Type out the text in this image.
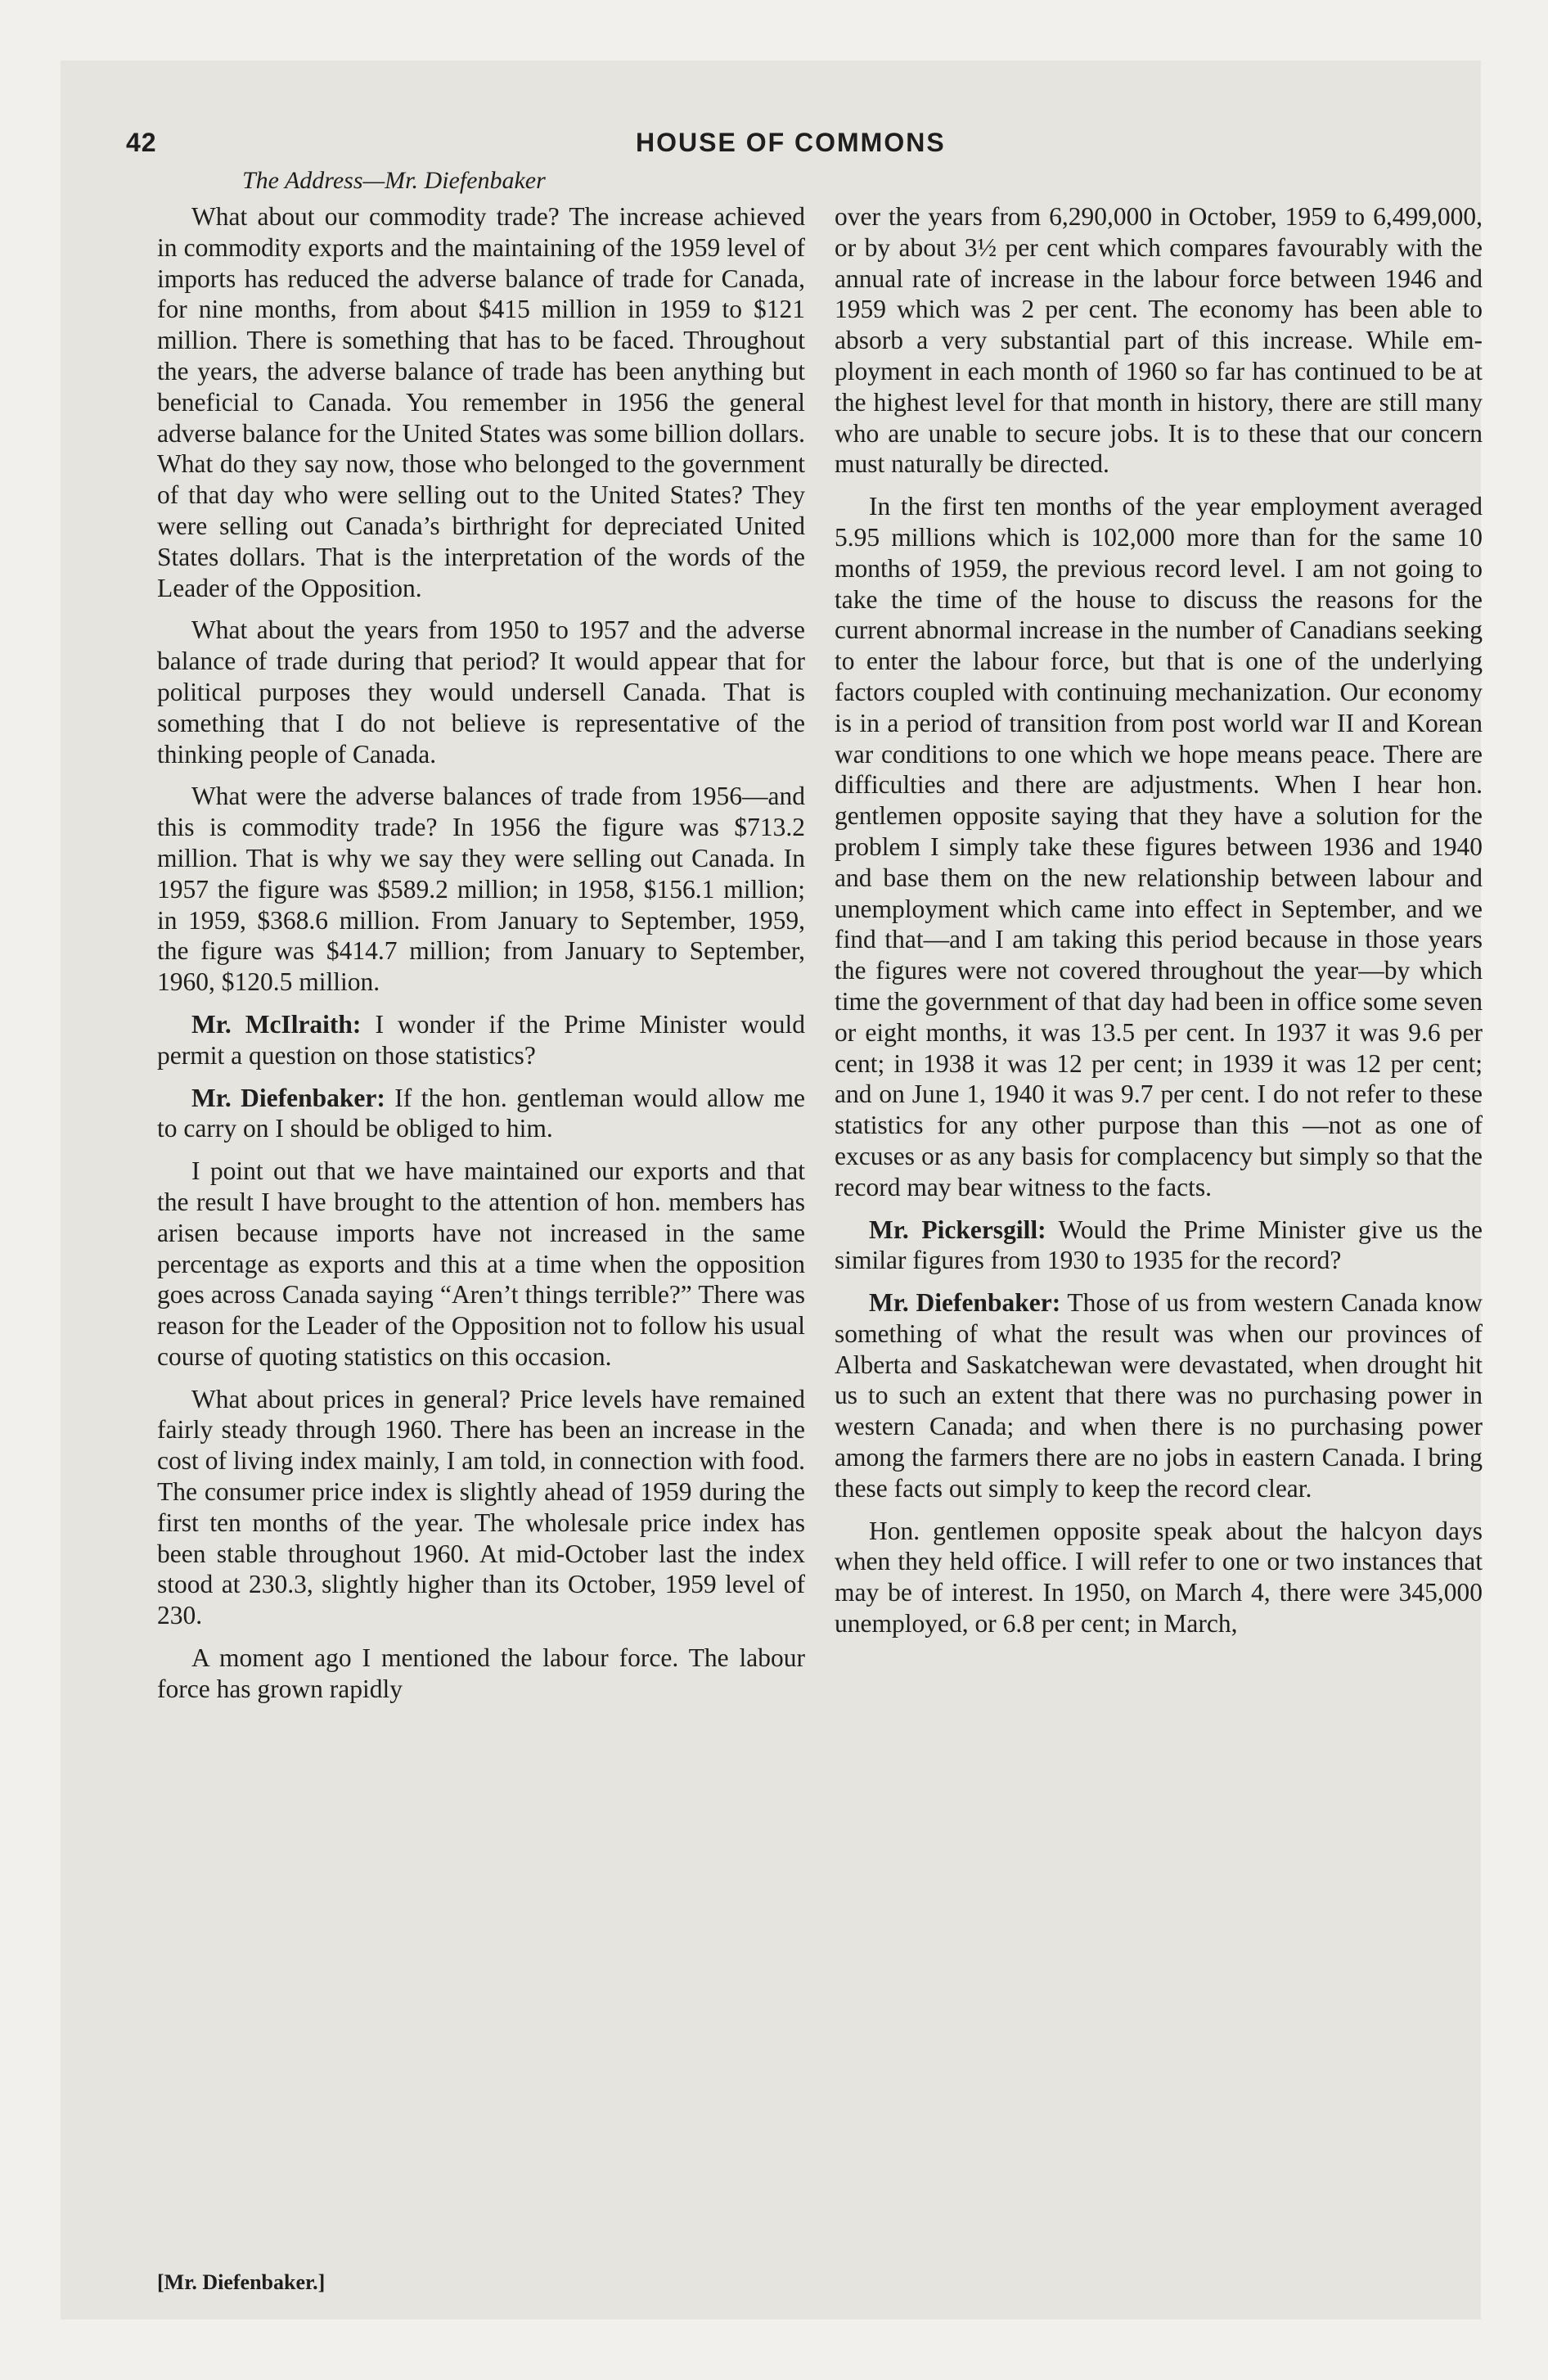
42	HOUSE OF COMMONS
The Address—Mr. Diefenbaker

What about our commodity trade? The increase achieved in commodity exports and the maintaining of the 1959 level of imports has reduced the adverse balance of trade for Canada, for nine months, from about $415 million in 1959 to $121 million. There is something that has to be faced. Throughout the years, the adverse balance of trade has been anything but beneficial to Canada. You remember in 1956 the general adverse balance for the United States was some billion dollars. What do they say now, those who belonged to the government of that day who were selling out to the United States? They were selling out Canada’s birthright for depreciated United States dollars. That is the interpretation of the words of the Leader of the Opposition.

What about the years from 1950 to 1957 and the adverse balance of trade during that period? It would appear that for political purposes they would undersell Canada. That is something that I do not believe is representative of the thinking people of Canada.

What were the adverse balances of trade from 1956—and this is commodity trade? In 1956 the figure was $713.2 million. That is why we say they were selling out Canada. In 1957 the figure was $589.2 million; in 1958, $156.1 million; in 1959, $368.6 million. From January to September, 1959, the figure was $414.7 million; from January to September, 1960, $120.5 million.

Mr. McIlraith: I wonder if the Prime Minister would permit a question on those statistics?

Mr. Diefenbaker: If the hon. gentleman would allow me to carry on I should be obliged to him.

I point out that we have maintained our exports and that the result I have brought to the attention of hon. members has arisen because imports have not increased in the same percentage as exports and this at a time when the opposition goes across Canada saying “Aren’t things terrible?” There was reason for the Leader of the Opposition not to follow his usual course of quoting statistics on this occasion.

What about prices in general? Price levels have remained fairly steady through 1960. There has been an increase in the cost of living index mainly, I am told, in connection with food. The consumer price index is slightly ahead of 1959 during the first ten months of the year. The wholesale price index has been stable throughout 1960. At mid-October last the index stood at 230.3, slightly higher than its October, 1959 level of 230.

A moment ago I mentioned the labour force. The labour force has grown rapidly

over the years from 6,290,000 in October, 1959 to 6,499,000, or by about 3½ per cent which compares favourably with the annual rate of increase in the labour force between 1946 and 1959 which was 2 per cent. The economy has been able to absorb a very substantial part of this increase. While employment in each month of 1960 so far has continued to be at the highest level for that month in history, there are still many who are unable to secure jobs. It is to these that our concern must naturally be directed.

In the first ten months of the year employment averaged 5.95 millions which is 102,000 more than for the same 10 months of 1959, the previous record level. I am not going to take the time of the house to discuss the reasons for the current abnormal increase in the number of Canadians seeking to enter the labour force, but that is one of the underlying factors coupled with continuing mechanization. Our economy is in a period of transition from post world war II and Korean war conditions to one which we hope means peace. There are difficulties and there are adjustments. When I hear hon. gentlemen opposite saying that they have a solution for the problem I simply take these figures between 1936 and 1940 and base them on the new relationship between labour and unemployment which came into effect in September, and we find that—and I am taking this period because in those years the figures were not covered throughout the year—by which time the government of that day had been in office some seven or eight months, it was 13.5 per cent. In 1937 it was 9.6 per cent; in 1938 it was 12 per cent; in 1939 it was 12 per cent; and on June 1, 1940 it was 9.7 per cent. I do not refer to these statistics for any other purpose than this —not as one of excuses or as any basis for complacency but simply so that the record may bear witness to the facts.

Mr. Pickersgill: Would the Prime Minister give us the similar figures from 1930 to 1935 for the record?

Mr. Diefenbaker: Those of us from western Canada know something of what the result was when our provinces of Alberta and Saskatchewan were devastated, when drought hit us to such an extent that there was no purchasing power in western Canada; and when there is no purchasing power among the farmers there are no jobs in eastern Canada. I bring these facts out simply to keep the record clear.

Hon. gentlemen opposite speak about the halcyon days when they held office. I will refer to one or two instances that may be of interest. In 1950, on March 4, there were 345,000 unemployed, or 6.8 per cent; in March,

[Mr. Diefenbaker.]
